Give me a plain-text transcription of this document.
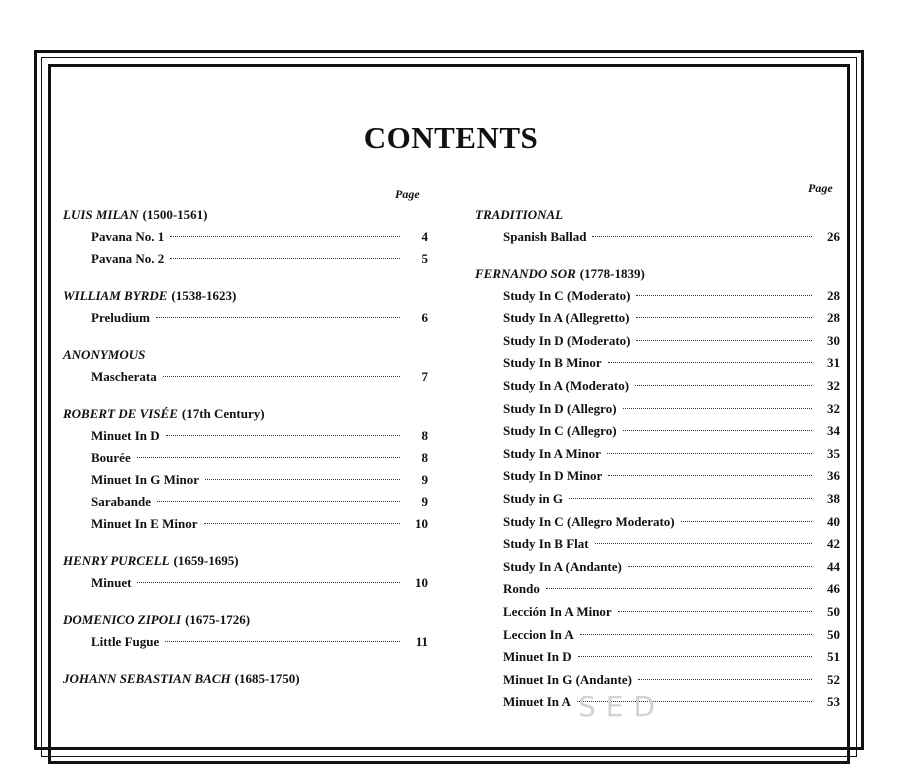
CONTENTS
Page	Page
LUIS MILAN (1500-1561)
Pavana No. 1	4
Pavana No. 2	5
WILLIAM BYRDE (1538-1623)
Preludium	6
ANONYMOUS
Mascherata	7
ROBERT DE VISÉE (17th Century)
Minuet In D	8
Bourée	8
Minuet In G Minor	9
Sarabande	9
Minuet In E Minor	10
HENRY PURCELL (1659-1695)
Minuet	10
DOMENICO ZIPOLI (1675-1726)
Little Fugue	11
JOHANN SEBASTIAN BACH (1685-1750)
TRADITIONAL
Spanish Ballad	26
FERNANDO SOR (1778-1839)
Study In C (Moderato)	28
Study In A (Allegretto)	28
Study In D (Moderato)	30
Study In B Minor	31
Study In A (Moderato)	32
Study In D (Allegro)	32
Study In C (Allegro)	34
Study In A Minor	35
Study In D Minor	36
Study in G	38
Study In C (Allegro Moderato)	40
Study In B Flat	42
Study In A (Andante)	44
Rondo	46
Lección In A Minor	50
Leccion In A	50
Minuet In D	51
Minuet In G (Andante)	52
Minuet In A	53
SED
